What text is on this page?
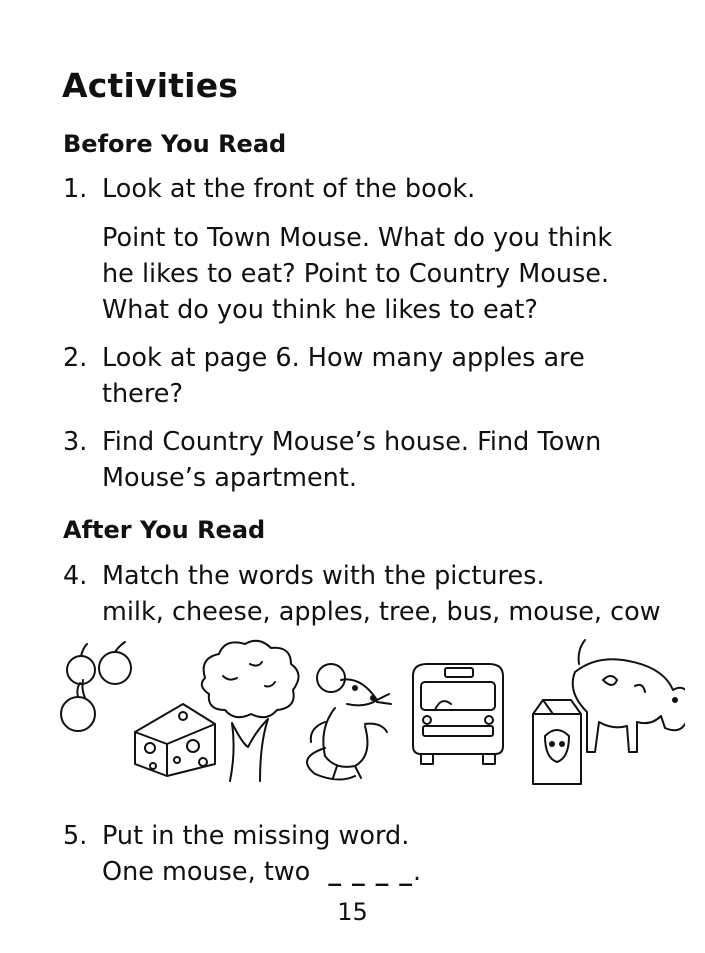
Activities
Before You Read
1. Look at the front of the book.
Point to Town Mouse. What do you think
he likes to eat? Point to Country Mouse.
What do you think he likes to eat?
2. Look at page 6. How many apples are
there?
3. Find Country Mouse’s house. Find Town
Mouse’s apartment.
After You Read
4. Match the words with the pictures.
milk, cheese, apples, tree, bus, mouse, cow
5. Put in the missing word.
One mouse, two _ _ _ _.
15
